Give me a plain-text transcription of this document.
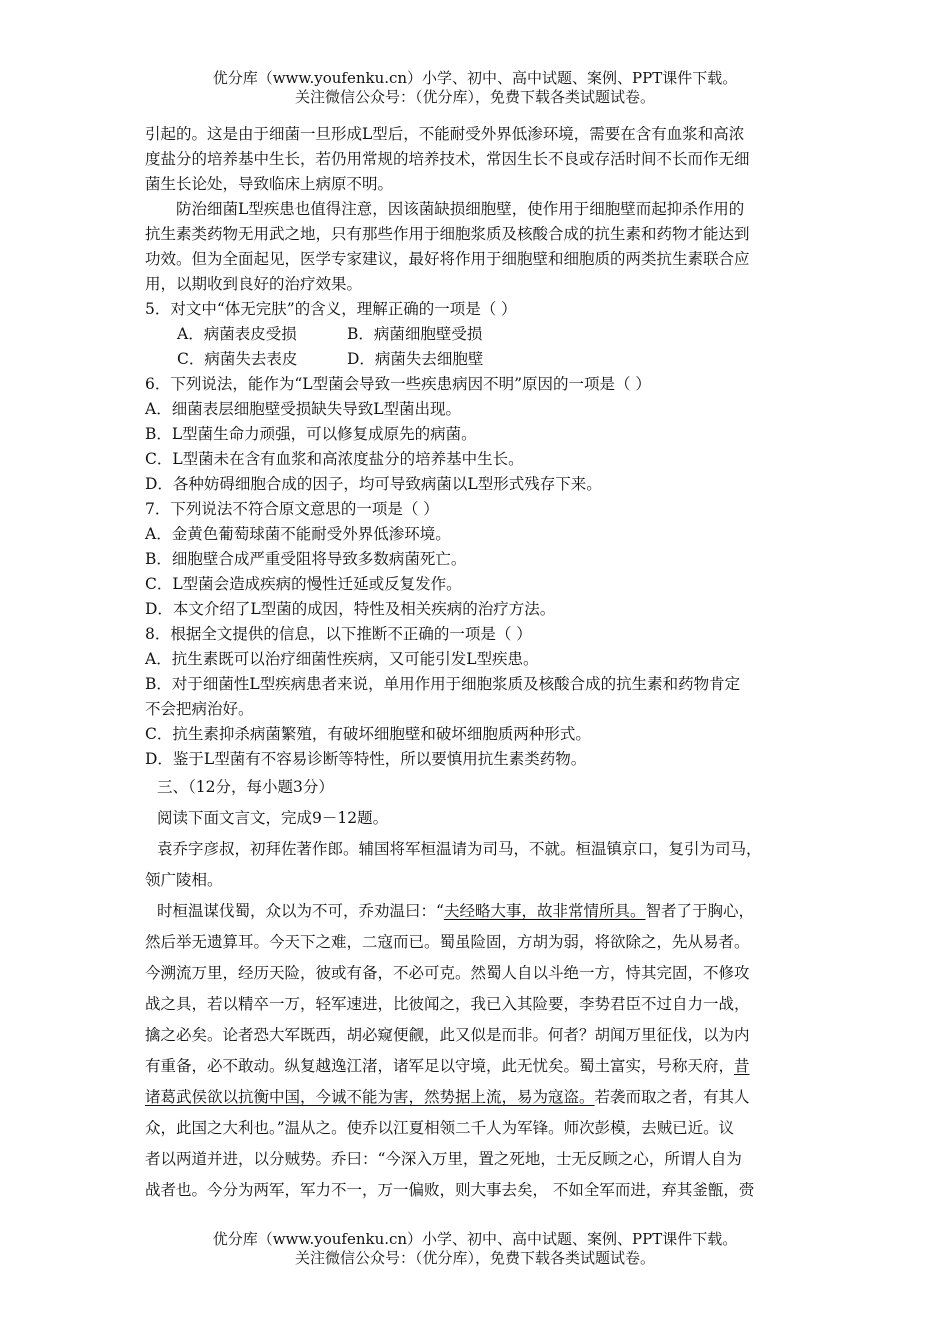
优分库（www.youfenku.cn）小学、初中、高中试题、案例、PPT课件下载。

关注微信公众号：（优分库），免费下载各类试题试卷。

引起的。这是由于细菌一旦形成L型后，不能耐受外界低渗环境，需要在含有血浆和高浓

度盐分的培养基中生长，若仍用常规的培养技术，常因生长不良或存活时间不长而作无细

菌生长论处，导致临床上病原不明。

防治细菌L型疾患也值得注意，因该菌缺损细胞壁，使作用于细胞壁而起抑杀作用的

抗生素类药物无用武之地，只有那些作用于细胞浆质及核酸合成的抗生素和药物才能达到

功效。但为全面起见，医学专家建议，最好将作用于细胞壁和细胞质的两类抗生素联合应

用，以期收到良好的治疗效果。

5．对文中“体无完肤”的含义，理解正确的一项是（ ）

A．病菌表皮受损	B．病菌细胞壁受损
C．病菌失去表皮	D．病菌失去细胞壁

6．下列说法，能作为“L型菌会导致一些疾患病因不明”原因的一项是（ ）

A．细菌表层细胞壁受损缺失导致L型菌出现。

B．L型菌生命力顽强，可以修复成原先的病菌。

C．L型菌未在含有血浆和高浓度盐分的培养基中生长。

D．各种妨碍细胞合成的因子，均可导致病菌以L型形式残存下来。

7．下列说法不符合原文意思的一项是（ ）

A．金黄色葡萄球菌不能耐受外界低渗环境。

B．细胞壁合成严重受阻将导致多数病菌死亡。

C．L型菌会造成疾病的慢性迁延或反复发作。

D．本文介绍了L型菌的成因，特性及相关疾病的治疗方法。

8．根据全文提供的信息，以下推断不正确的一项是（ ）

A．抗生素既可以治疗细菌性疾病，又可能引发L型疾患。

B．对于细菌性L型疾病患者来说，单用作用于细胞浆质及核酸合成的抗生素和药物肯定

不会把病治好。

C．抗生素抑杀病菌繁殖，有破坏细胞壁和破坏细胞质两种形式。

D．鉴于L型菌有不容易诊断等特性，所以要慎用抗生素类药物。

三、（12分，每小题3分）

阅读下面文言文，完成9－12题。

袁乔字彦叔，初拜佐著作郎。辅国将军桓温请为司马，不就。桓温镇京口，复引为司马，

领广陵相。

时桓温谋伐蜀，众以为不可，乔劝温曰：“夫经略大事，故非常情所具。智者了于胸心，

然后举无遗算耳。今天下之难，二寇而已。蜀虽险固，方胡为弱，将欲除之，先从易者。

今溯流万里，经历天险，彼或有备，不必可克。然蜀人自以斗绝一方，恃其完固，不修攻

战之具，若以精卒一万，轻军速进，比彼闻之，我已入其险要，李势君臣不过自力一战，

擒之必矣。论者恐大军既西，胡必窥便觎，此又似是而非。何者？胡闻万里征伐，以为内

有重备，必不敢动。纵复越逸江渚，诸军足以守境，此无忧矣。蜀土富实，号称天府，昔

诸葛武侯欲以抗衡中国，今诚不能为害，然势据上流，易为寇盗。若袭而取之者，有其人

众，此国之大利也。”温从之。使乔以江夏相领二千人为军锋。师次彭模，去贼已近。议

者以两道并进，以分贼势。乔曰：“今深入万里，置之死地，士无反顾之心，所谓人自为

战者也。今分为两军，军力不一，万一偏败，则大事去矣， 不如全军而进，弃其釜甑，赍

优分库（www.youfenku.cn）小学、初中、高中试题、案例、PPT课件下载。

关注微信公众号：（优分库），免费下载各类试题试卷。
